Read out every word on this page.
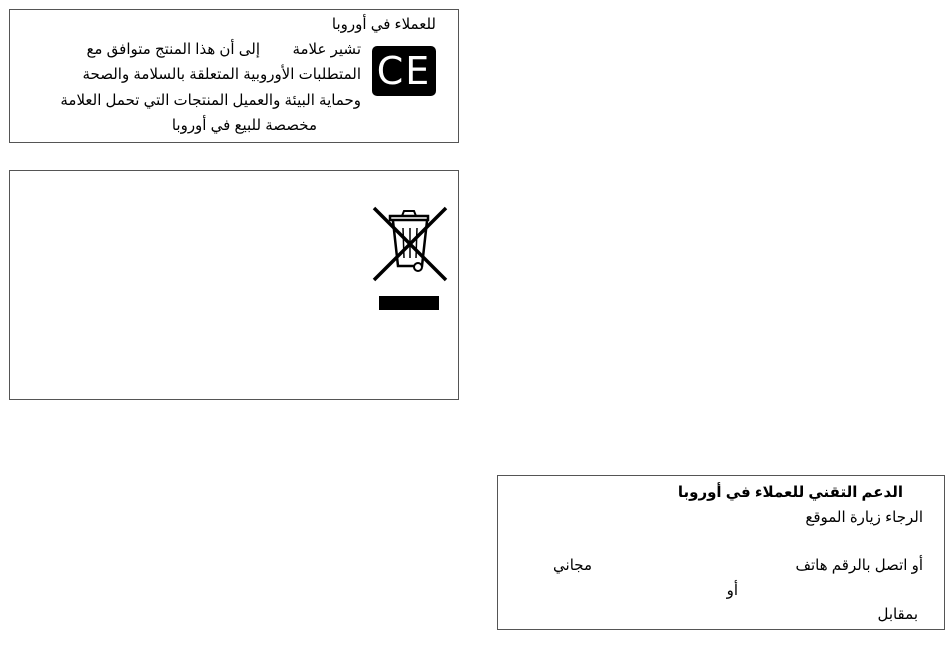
للعملاء في أوروبا
تشير علامة
إلى أن هذا المنتج متوافق مع
المتطلبات الأوروبية المتعلقة بالسلامة والصحة
وحماية البيئة والعميل المنتجات التي تحمل العلامة
مخصصة للبيع في أوروبا
CE
الدعم التقني للعملاء في أوروبا
الرجاء زيارة الموقع
أو اتصل بالرقم هاتف
مجاني
أو
بمقابل
